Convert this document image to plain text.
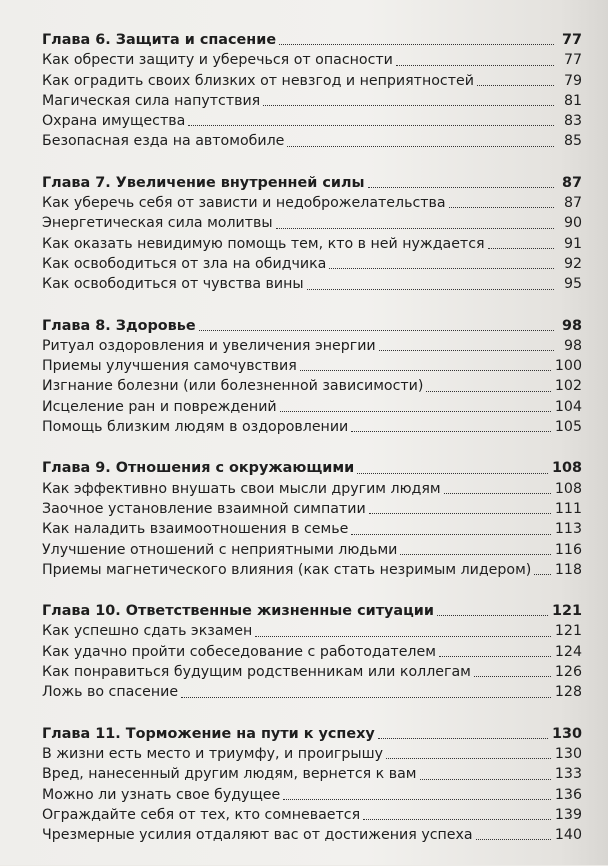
Глава 6. Защита и спасение	77
Как обрести защиту и уберечься от опасности	77
Как оградить своих близких от невзгод и неприятностей	79
Магическая сила напутствия	81
Охрана имущества	83
Безопасная езда на автомобиле	85
Глава 7. Увеличение внутренней силы	87
Как уберечь себя от зависти и недоброжелательства	87
Энергетическая сила молитвы	90
Как оказать невидимую помощь тем, кто в ней нуждается	91
Как освободиться от зла на обидчика	92
Как освободиться от чувства вины	95
Глава 8. Здоровье	98
Ритуал оздоровления и увеличения энергии	98
Приемы улучшения самочувствия	100
Изгнание болезни (или болезненной зависимости)	102
Исцеление ран и повреждений	104
Помощь близким людям в оздоровлении	105
Глава 9. Отношения с окружающими	108
Как эффективно внушать свои мысли другим людям	108
Заочное установление взаимной симпатии	111
Как наладить взаимоотношения в семье	113
Улучшение отношений с неприятными людьми	116
Приемы магнетического влияния (как стать незримым лидером) 118
Глава 10. Ответственные жизненные ситуации	121
Как успешно сдать экзамен	121
Как удачно пройти собеседование с работодателем	124
Как понравиться будущим родственникам или коллегам	126
Ложь во спасение	128
Глава 11. Торможение на пути к успеху	130
В жизни есть место и триумфу, и проигрышу	130
Вред, нанесенный другим людям, вернется к вам	133
Можно ли узнать свое будущее	136
Ограждайте себя от тех, кто сомневается	139
Чрезмерные усилия отдаляют вас от достижения успеха	140
